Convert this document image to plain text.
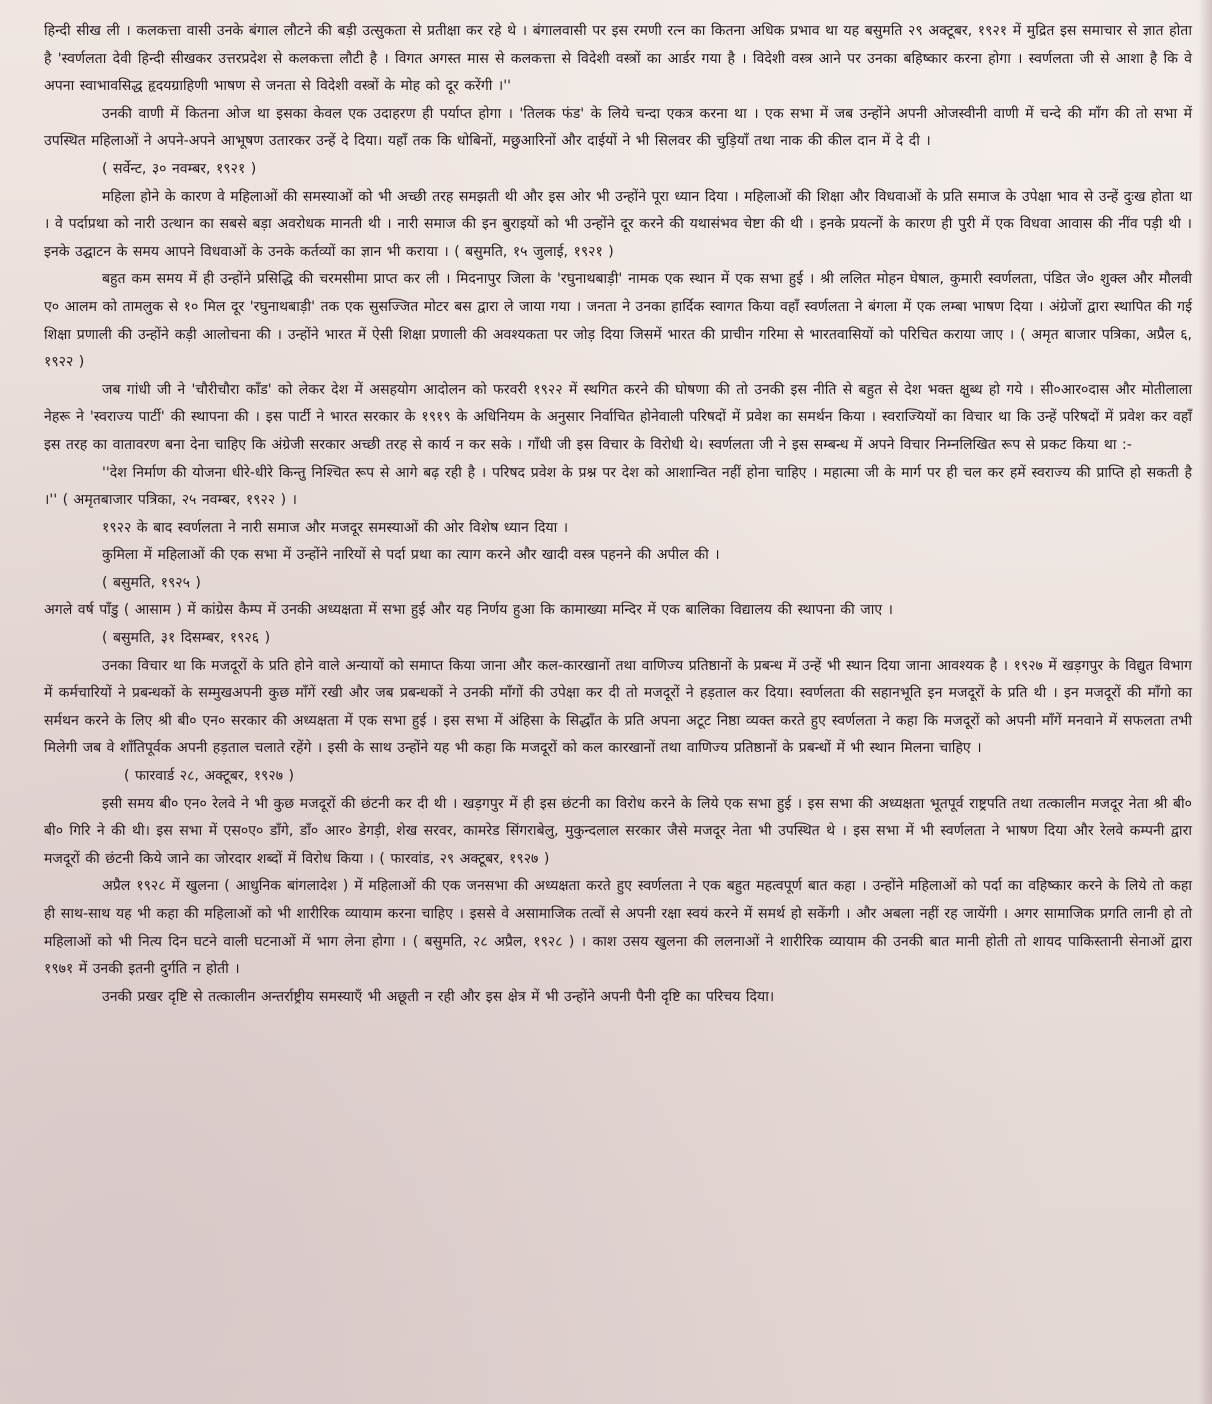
हिन्दी सीख ली । कलकत्ता वासी उनके बंगाल लौटने की बड़ी उत्सुकता से प्रतीक्षा कर रहे थे । बंगालवासी पर इस रमणी रत्न का कितना अधिक प्रभाव था यह बसुमति २९ अक्टूबर, १९२१ में मुद्रित इस समाचार से ज्ञात होता है 'स्वर्णलता देवी हिन्दी सीखकर उत्तरप्रदेश से कलकत्ता लौटी है । विगत अगस्त मास से कलकत्ता से विदेशी वस्त्रों का आर्डर गया है । विदेशी वस्त्र आने पर उनका बहिष्कार करना होगा । स्वर्णलता जी से आशा है कि वे अपना स्वाभावसिद्ध हृदयग्राहिणी भाषण से जनता से विदेशी वस्त्रों के मोह को दूर करेंगी ।''

उनकी वाणी में कितना ओज था इसका केवल एक उदाहरण ही पर्याप्त होगा । 'तिलक फंड' के लिये चन्दा एकत्र करना था । एक सभा में जब उन्होंने अपनी ओजस्वीनी वाणी में चन्दे की माँग की तो सभा में उपस्थित महिलाओं ने अपने-अपने आभूषण उतारकर उन्हें दे दिया। यहाँ तक कि धोबिनों, मछुआरिनों और दाईयों ने भी सिलवर की चुड़ियाँ तथा नाक की कील दान में दे दी ।

( सर्वेन्ट, ३० नवम्बर, १९२१ )

महिला होने के कारण वे महिलाओं की समस्याओं को भी अच्छी तरह समझती थी और इस ओर भी उन्होंने पूरा ध्यान दिया । महिलाओं की शिक्षा और विधवाओं के प्रति समाज के उपेक्षा भाव से उन्हें दुःख होता था । वे पर्दाप्रथा को नारी उत्थान का सबसे बड़ा अवरोधक मानती थी । नारी समाज की इन बुराइयों को भी उन्होंने दूर करने की यथासंभव चेष्टा की थी । इनके प्रयत्नों के कारण ही पुरी में एक विधवा आवास की नींव पड़ी थी । इनके उद्घाटन के समय आपने विधवाओं के उनके कर्तव्यों का ज्ञान भी कराया । ( बसुमति, १५ जुलाई, १९२१ )

बहुत कम समय में ही उन्होंने प्रसिद्धि की चरमसीमा प्राप्त कर ली । मिदनापुर जिला के 'रघुनाथबाड़ी' नामक एक स्थान में एक सभा हुई । श्री ललित मोहन घेषाल, कुमारी स्वर्णलता, पंडित जे० शुक्ल और मौलवी ए० आलम को तामलुक से १० मिल दूर 'रघुनाथबाड़ी' तक एक सुसज्जित मोटर बस द्वारा ले जाया गया । जनता ने उनका हार्दिक स्वागत किया वहाँ स्वर्णलता ने बंगला में एक लम्बा भाषण दिया । अंग्रेजों द्वारा स्थापित की गई शिक्षा प्रणाली की उन्होंने कड़ी आलोचना की । उन्होंने भारत में ऐसी शिक्षा प्रणाली की अवश्यकता पर जोड़ दिया जिसमें भारत की प्राचीन गरिमा से भारतवासियों को परिचित कराया जाए । ( अमृत बाजार पत्रिका, अप्रैल ६, १९२२ )

जब गांधी जी ने 'चौरीचौरा काँड' को लेकर देश में असहयोग आदोलन को फरवरी १९२२ में स्थगित करने की घोषणा की तो उनकी इस नीति से बहुत से देश भक्त क्षुब्ध हो गये । सी०आर०दास और मोतीलाला नेहरू ने 'स्वराज्य पार्टी' की स्थापना की । इस पार्टी ने भारत सरकार के १९१९ के अधिनियम के अनुसार निर्वाचित होनेवाली परिषदों में प्रवेश का समर्थन किया । स्वराज्यियों का विचार था कि उन्हें परिषदों में प्रवेश कर वहाँ इस तरह का वातावरण बना देना चाहिए कि अंग्रेजी सरकार अच्छी तरह से कार्य न कर सके । गाँधी जी इस विचार के विरोधी थे। स्वर्णलता जी ने इस सम्बन्ध में अपने विचार निम्नलिखित रूप से प्रकट किया था :-

''देश निर्माण की योजना धीरे-धीरे किन्तु निश्चित रूप से आगे बढ़ रही है । परिषद प्रवेश के प्रश्न पर देश को आशान्वित नहीं होना चाहिए । महात्मा जी के मार्ग पर ही चल कर हमें स्वराज्य की प्राप्ति हो सकती है ।'' ( अमृतबाजार पत्रिका, २५ नवम्बर, १९२२ ) ।

१९२२ के बाद स्वर्णलता ने नारी समाज और मजदूर समस्याओं की ओर विशेष ध्यान दिया ।

कुमिला में महिलाओं की एक सभा में उन्होंने नारियों से पर्दा प्रथा का त्याग करने और खादी वस्त्र पहनने की अपील की ।

( बसुमति, १९२५ )

अगले वर्ष पाँडु ( आसाम ) में कांग्रेस कैम्प में उनकी अध्यक्षता में सभा हुई और यह निर्णय हुआ कि कामाख्या मन्दिर में एक बालिका विद्यालय की स्थापना की जाए ।

( बसुमति, ३१ दिसम्बर, १९२६ )

उनका विचार था कि मजदूरों के प्रति होने वाले अन्यायों को समाप्त किया जाना और कल-कारखानों तथा वाणिज्य प्रतिष्ठानों के प्रबन्ध में उन्हें भी स्थान दिया जाना आवश्यक है । १९२७ में खड़गपुर के विद्युत विभाग में कर्मचारियों ने प्रबन्धकों के सम्मुखअपनी कुछ माँगें रखी और जब प्रबन्धकों ने उनकी माँगों की उपेक्षा कर दी तो मजदूरों ने हड़ताल कर दिया। स्वर्णलता की सहानभूति इन मजदूरों के प्रति थी । इन मजदूरों की माँगो का सर्मथन करने के लिए श्री बी० एन० सरकार की अध्यक्षता में एक सभा हुई । इस सभा में अंहिसा के सिद्धाँत के प्रति अपना अटूट निष्ठा व्यक्त करते हुए स्वर्णलता ने कहा कि मजदूरों को अपनी माँगें मनवाने में सफलता तभी मिलेगी जब वे शाँतिपूर्वक अपनी हड़ताल चलाते रहेंगे । इसी के साथ उन्होंने यह भी कहा कि मजदूरों को कल कारखानों तथा वाणिज्य प्रतिष्ठानों के प्रबन्धों में भी स्थान मिलना चाहिए ।

( फारवार्ड २८, अक्टूबर, १९२७ )

इसी समय बी० एन० रेलवे ने भी कुछ मजदूरों की छंटनी कर दी थी । खड़गपुर में ही इस छंटनी का विरोध करने के लिये एक सभा हुई । इस सभा की अध्यक्षता भूतपूर्व राष्ट्रपति तथा तत्कालीन मजदूर नेता श्री बी० बी० गिरि ने की थी। इस सभा में एस०ए० डाँगे, डाँ० आर० डेगड़ी, शेख सरवर, कामरेड सिंगराबेलु, मुकुन्दलाल सरकार जैसे मजदूर नेता भी उपस्थित थे । इस सभा में भी स्वर्णलता ने भाषण दिया और रेलवे कम्पनी द्वारा मजदूरों की छंटनी किये जाने का जोरदार शब्दों में विरोध किया । ( फारवांड, २९ अक्टूबर, १९२७ )

अप्रैल १९२८ में खुलना ( आधुनिक बांगलादेश ) में महिलाओं की एक जनसभा की अध्यक्षता करते हुए स्वर्णलता ने एक बहुत महत्वपूर्ण बात कहा । उन्होंने महिलाओं को पर्दा का वहिष्कार करने के लिये तो कहा ही साथ-साथ यह भी कहा की महिलाओं को भी शारीरिक व्यायाम करना चाहिए । इससे वे असामाजिक तत्वों से अपनी रक्षा स्वयं करने में समर्थ हो सकेंगी । और अबला नहीं रह जायेंगी । अगर सामाजिक प्रगति लानी हो तो महिलाओं को भी नित्य दिन घटने वाली घटनाओं में भाग लेना होगा । ( बसुमति, २८ अप्रैल, १९२८ ) । काश उसय खुलना की ललनाओं ने शारीरिक व्यायाम की उनकी बात मानी होती तो शायद पाकिस्तानी सेनाओं द्वारा १९७१ में उनकी इतनी दुर्गति न होती ।

उनकी प्रखर दृष्टि से तत्कालीन अन्तर्राष्ट्रीय समस्याएँ भी अछूती न रही और इस क्षेत्र में भी उन्होंने अपनी पैनी दृष्टि का परिचय दिया।
